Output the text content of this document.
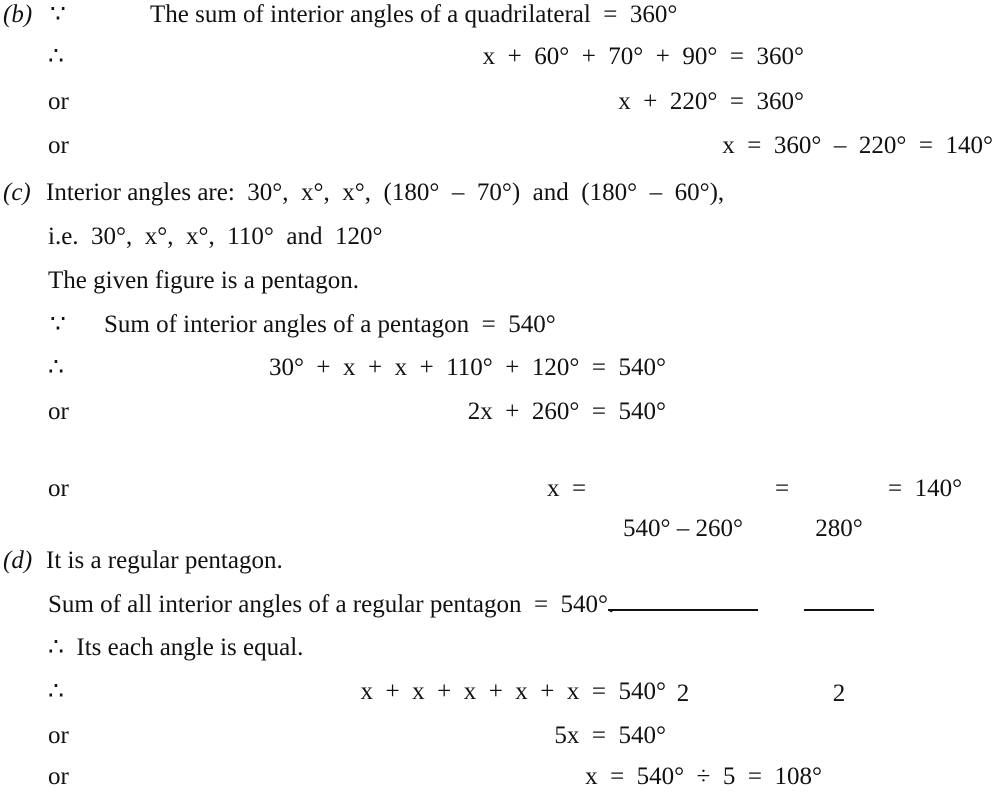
(b) ∵	The sum of interior angles of a quadrilateral  =  360°
∴	x  +  60°  +  70°  +  90°  =  360°
or	x  +  220°  =  360°
or	x  =  360°  –  220°  =  140°
(c) Interior angles are:  30°,  x°,  x°,  (180°  –  70°)  and  (180°  –  60°),
i.e.  30°,  x°,  x°,  110°  and  120°
The given figure is a pentagon.
∵ Sum of interior angles of a pentagon  =  540°
∴	30°  +  x  +  x  +  110°  +  120°  =  540°
or	2x  +  260°  =  540°
or	x  =

540° – 260°

2

=

280°

2

=  140°
(d) It is a regular pentagon.
Sum of all interior angles of a regular pentagon  =  540°.
∴  Its each angle is equal.
∴	x  +  x  +  x  +  x  +  x  =  540°
or	5x  =  540°
or	x  =  540°  ÷  5  =  108°
